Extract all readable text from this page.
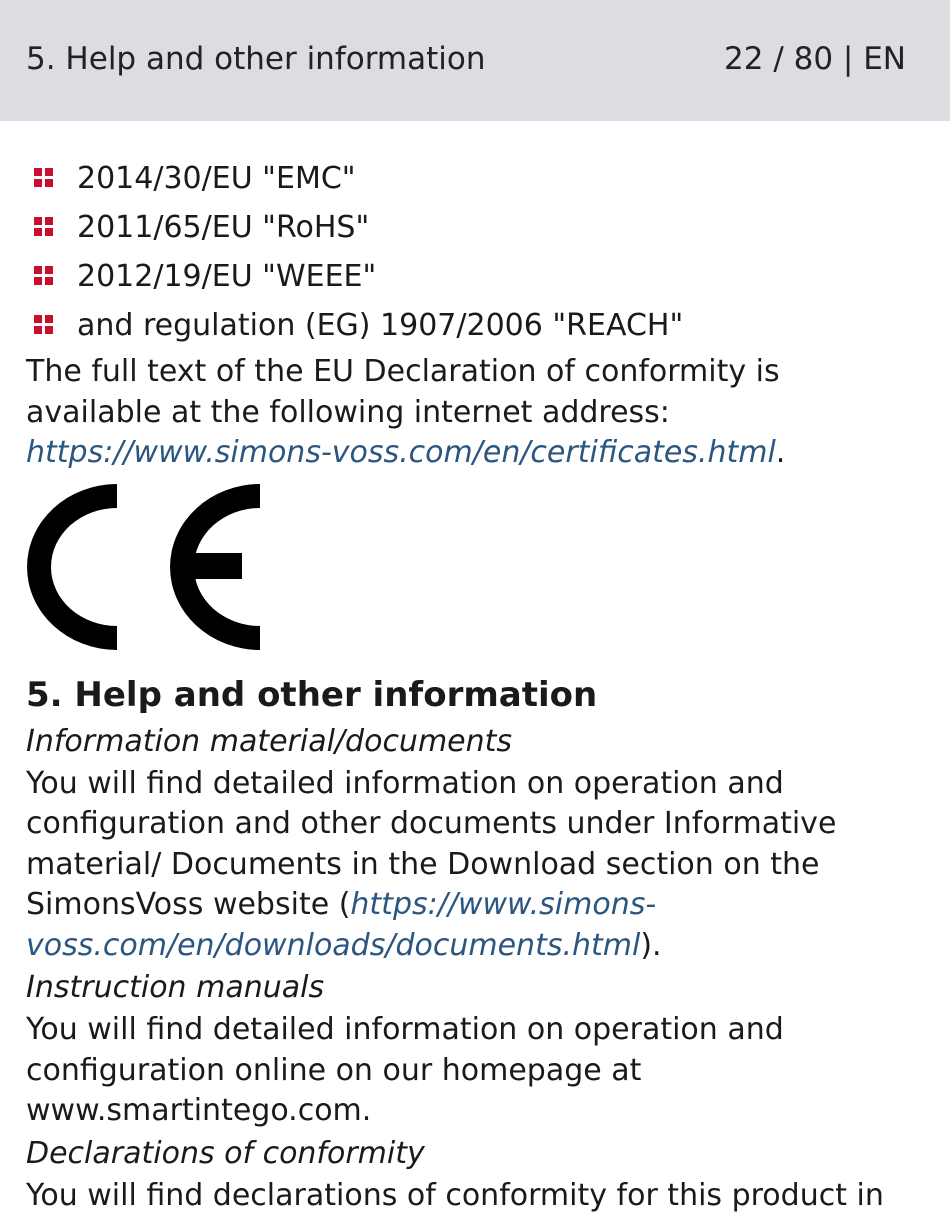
5. Help and other information	22 / 80 | EN
2014/30/EU "EMC"
2011/65/EU "RoHS"
2012/19/EU "WEEE"
and regulation (EG) 1907/2006 "REACH"

The full text of the EU Declaration of conformity is available at the following internet address: https://www.simons-voss.com/en/certificates.html.

5. Help and other information

Information material/documents

You will find detailed information on operation and configuration and other documents under Informative material/ Documents in the Download section on the SimonsVoss website (https://www.simons-voss.com/en/downloads/documents.html).

Instruction manuals

You will find detailed information on operation and configuration online on our homepage at www.smartintego.com.

Declarations of conformity

You will find declarations of conformity for this product in
